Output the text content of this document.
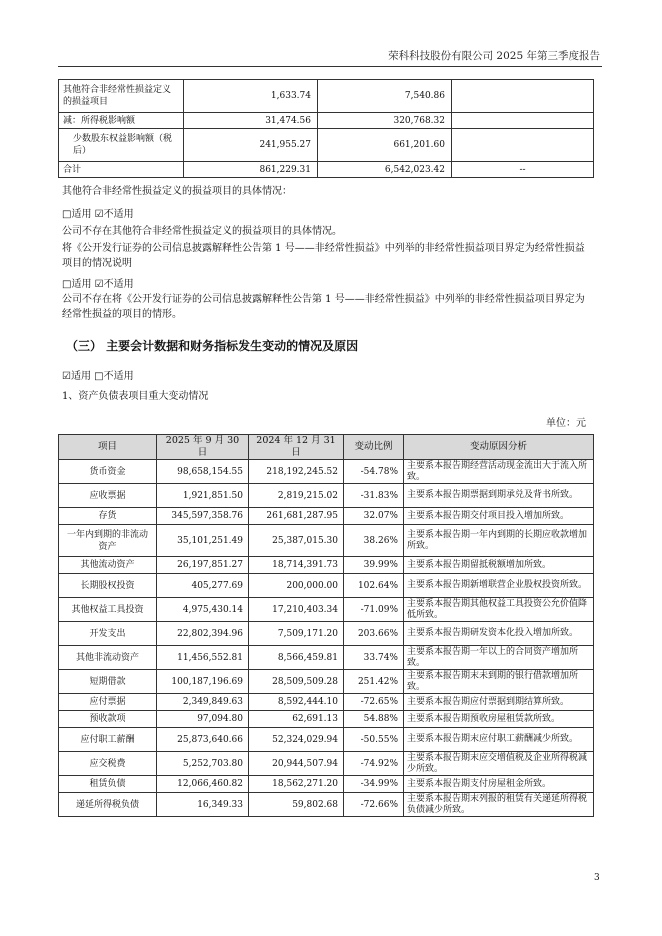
荣科科技股份有限公司 2025 年第三季度报告
其他符合非经常性损益定义的损益项目	1,633.74	7,540.86	
减：所得税影响额	31,474.56	320,768.32	
少数股东权益影响额（税后）	241,955.27	661,201.60	
合计	861,229.31	6,542,023.42	--
其他符合非经常性损益定义的损益项目的具体情况：
□适用 ☑不适用
公司不存在其他符合非经常性损益定义的损益项目的具体情况。
将《公开发行证券的公司信息披露解释性公告第 1 号——非经常性损益》中列举的非经常性损益项目界定为经常性损益项目的情况说明
□适用 ☑不适用
公司不存在将《公开发行证券的公司信息披露解释性公告第 1 号——非经常性损益》中列举的非经常性损益项目界定为经常性损益的项目的情形。
（三） 主要会计数据和财务指标发生变动的情况及原因
☑适用 □不适用
1、资产负债表项目重大变动情况
单位：元
项目	2025 年 9 月 30 日	2024 年 12 月 31 日	变动比例	变动原因分析
货币资金	98,658,154.55	218,192,245.52	-54.78%	主要系本报告期经营活动现金流出大于流入所致。
应收票据	1,921,851.50	2,819,215.02	-31.83%	主要系本报告期票据到期承兑及背书所致。
存货	345,597,358.76	261,681,287.95	32.07%	主要系本报告期交付项目投入增加所致。
一年内到期的非流动资产	35,101,251.49	25,387,015.30	38.26%	主要系本报告期一年内到期的长期应收款增加所致。
其他流动资产	26,197,851.27	18,714,391.73	39.99%	主要系本报告期留抵税额增加所致。
长期股权投资	405,277.69	200,000.00	102.64%	主要系本报告期新增联营企业股权投资所致。
其他权益工具投资	4,975,430.14	17,210,403.34	-71.09%	主要系本报告期其他权益工具投资公允价值降低所致。
开发支出	22,802,394.96	7,509,171.20	203.66%	主要系本报告期研发资本化投入增加所致。
其他非流动资产	11,456,552.81	8,566,459.81	33.74%	主要系本报告期一年以上的合同资产增加所致。
短期借款	100,187,196.69	28,509,509.28	251.42%	主要系本报告期末未到期的银行借款增加所致。
应付票据	2,349,849.63	8,592,444.10	-72.65%	主要系本报告期应付票据到期结算所致。
预收款项	97,094.80	62,691.13	54.88%	主要系本报告期预收房屋租赁款所致。
应付职工薪酬	25,873,640.66	52,324,029.94	-50.55%	主要系本报告期末应付职工薪酬减少所致。
应交税费	5,252,703.80	20,944,507.94	-74.92%	主要系本报告期末应交增值税及企业所得税减少所致。
租赁负债	12,066,460.82	18,562,271.20	-34.99%	主要系本报告期支付房屋租金所致。
递延所得税负债	16,349.33	59,802.68	-72.66%	主要系本报告期末列报的租赁有关递延所得税负债减少所致。
3
